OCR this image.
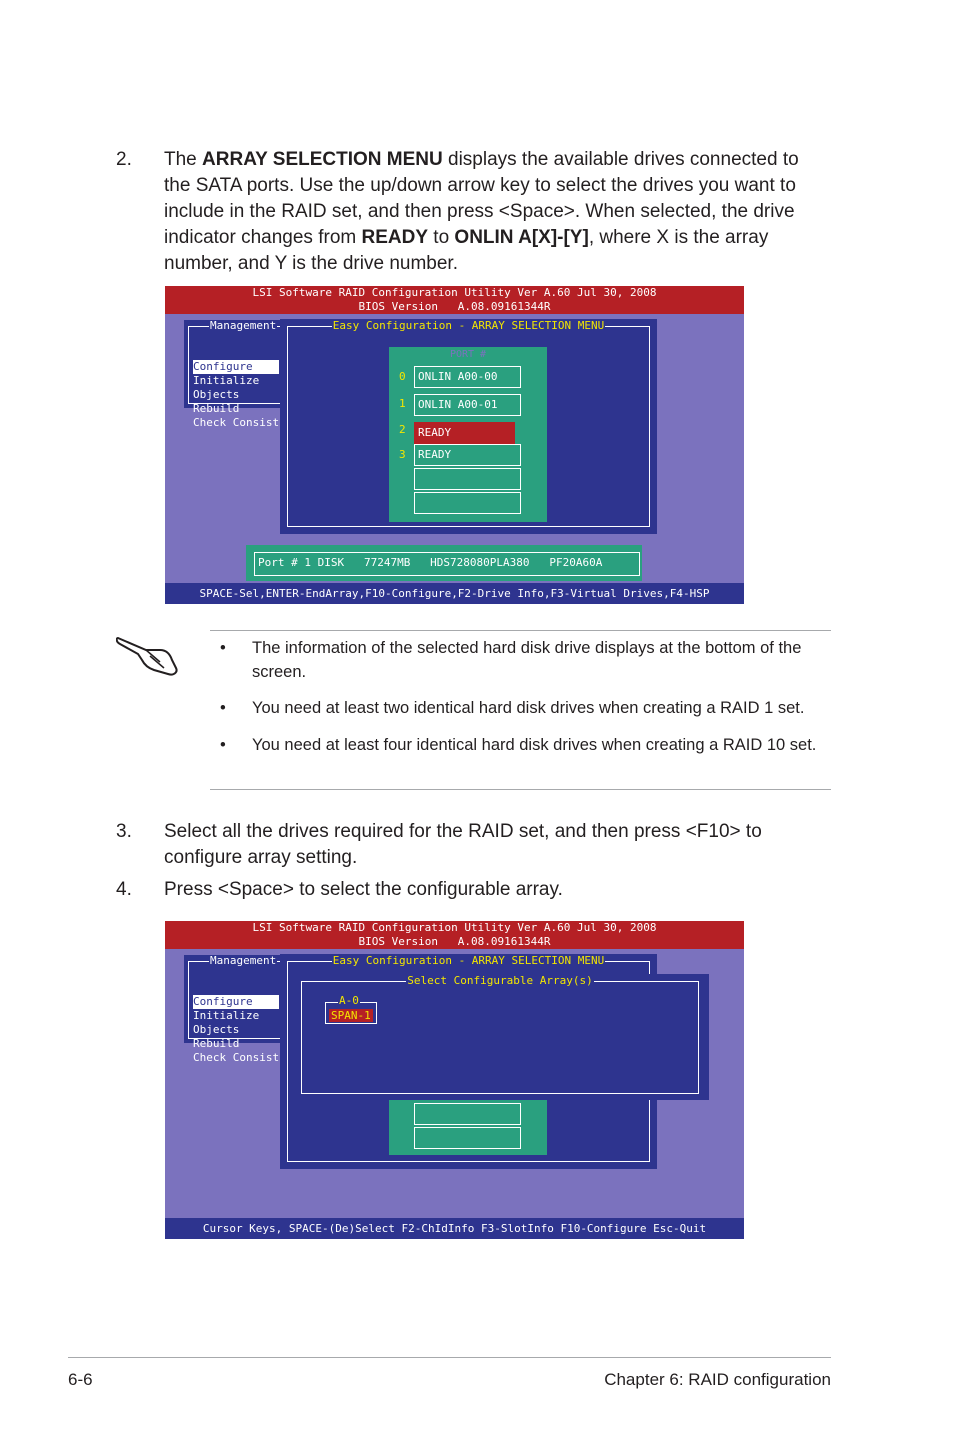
2. The ARRAY SELECTION MENU displays the available drives connected to the SATA ports. Use the up/down arrow key to select the drives you want to include in the RAID set, and then press <Space>. When selected, the drive indicator changes from READY to ONLIN A[X]-[Y], where X is the array number, and Y is the drive number.
LSI Software RAID Configuration Utility Ver A.60 Jul 30, 2008
BIOS Version   A.08.09161344R
Management
Configure
Initialize
Objects
Rebuild
Check Consist
Easy Configuration - ARRAY SELECTION MENU
PORT #
0	ONLIN A00-00
1	ONLIN A00-01
2	READY
3	READY
Port # 1 DISK   77247MB   HDS728080PLA380   PF20A60A
SPACE-Sel,ENTER-EndArray,F10-Configure,F2-Drive Info,F3-Virtual Drives,F4-HSP
• The information of the selected hard disk drive displays at the bottom of the screen.
• You need at least two identical hard disk drives when creating a RAID 1 set.
• You need at least four identical hard disk drives when creating a RAID 10 set.
3. Select all the drives required for the RAID set, and then press <F10> to configure array setting.
4. Press <Space> to select the configurable array.
LSI Software RAID Configuration Utility Ver A.60 Jul 30, 2008
BIOS Version   A.08.09161344R
Management
Configure
Initialize
Objects
Rebuild
Check Consist
Easy Configuration - ARRAY SELECTION MENU
Select Configurable Array(s)
A-0
SPAN-1
Cursor Keys, SPACE-(De)Select F2-ChIdInfo F3-SlotInfo F10-Configure Esc-Quit
6-6	Chapter 6: RAID configuration
